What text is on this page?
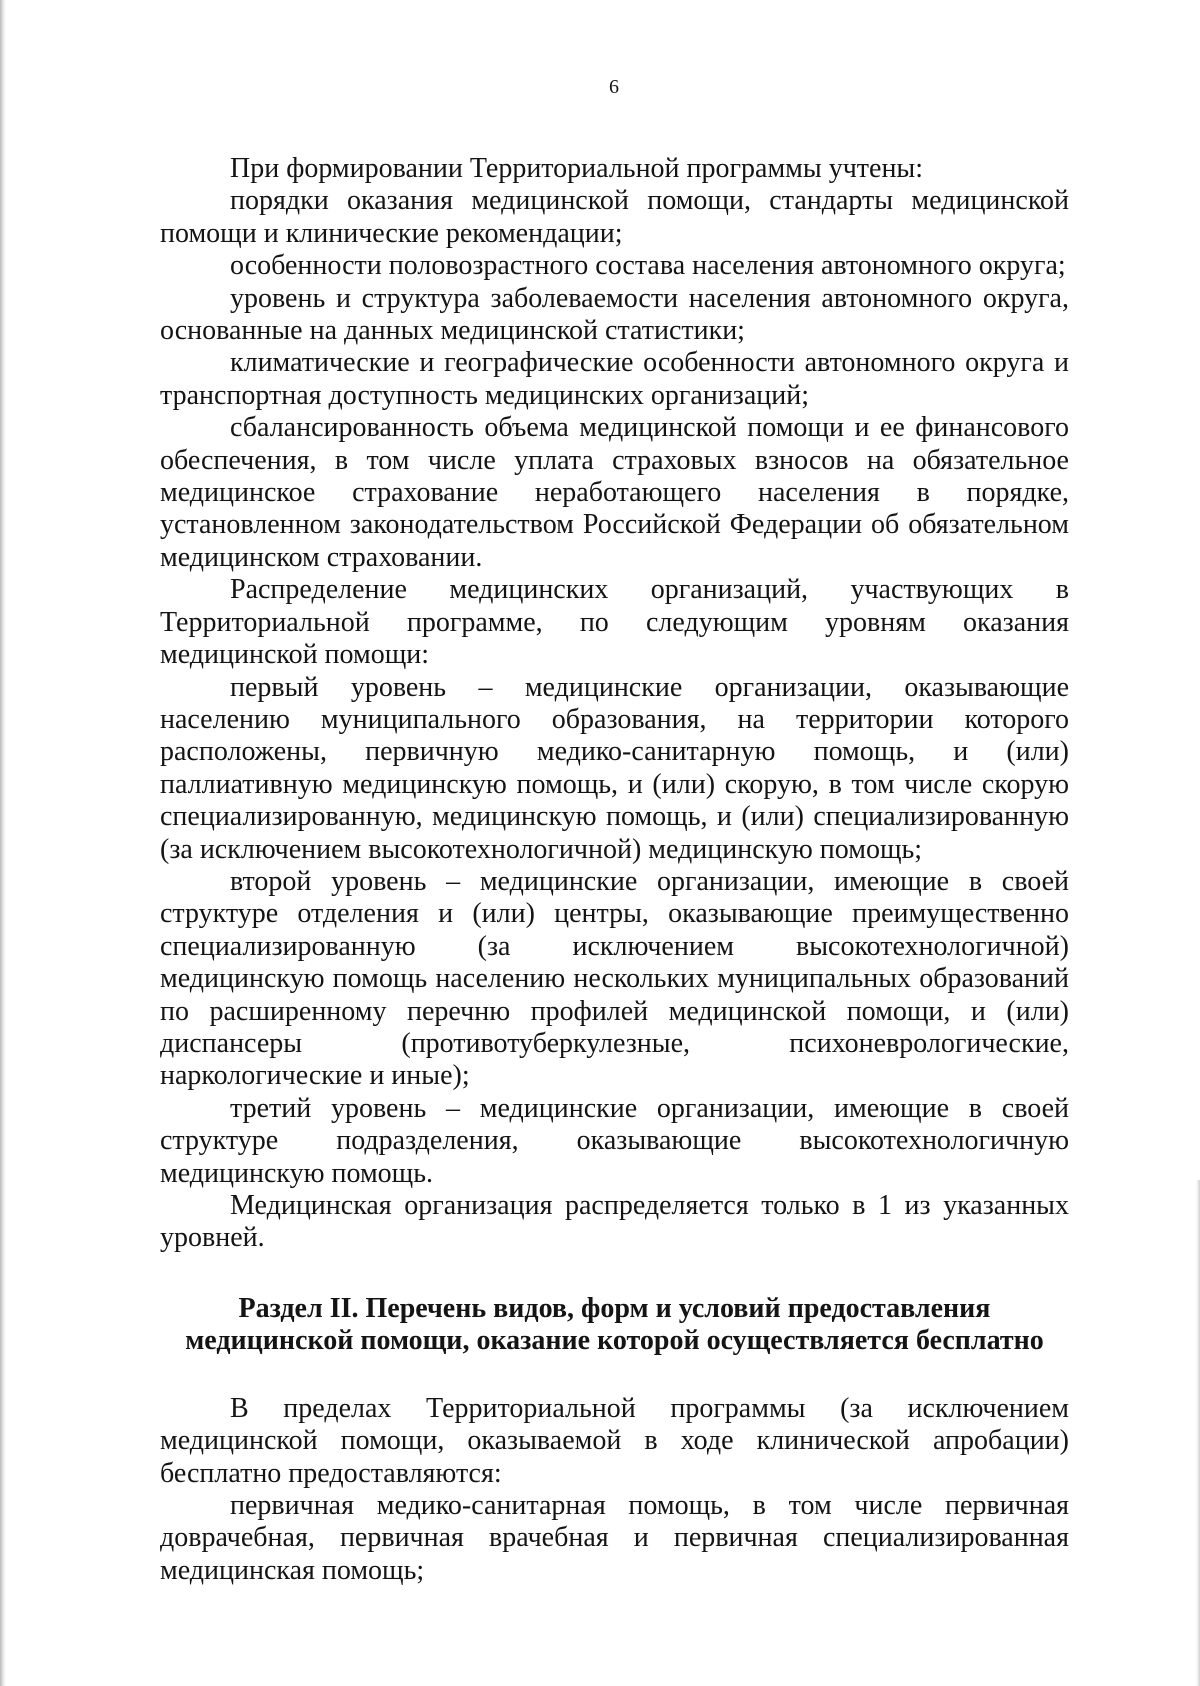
6

При формировании Территориальной программы учтены:

порядки оказания медицинской помощи, стандарты медицинской помощи и клинические рекомендации;

особенности половозрастного состава населения автономного округа;

уровень и структура заболеваемости населения автономного округа, основанные на данных медицинской статистики;

климатические и географические особенности автономного округа и транспортная доступность медицинских организаций;

сбалансированность объема медицинской помощи и ее финансового обеспечения, в том числе уплата страховых взносов на обязательное медицинское страхование неработающего населения в порядке, установленном законодательством Российской Федерации об обязательном медицинском страховании.

Распределение медицинских организаций, участвующих в Территориальной программе, по следующим уровням оказания медицинской помощи:

первый уровень – медицинские организации, оказывающие населению муниципального образования, на территории которого расположены, первичную медико-санитарную помощь, и (или) паллиативную медицинскую помощь, и (или) скорую, в том числе скорую специализированную, медицинскую помощь, и (или) специализированную (за исключением высокотехнологичной) медицинскую помощь;

второй уровень – медицинские организации, имеющие в своей структуре отделения и (или) центры, оказывающие преимущественно специализированную (за исключением высокотехнологичной) медицинскую помощь населению нескольких муниципальных образований по расширенному перечню профилей медицинской помощи, и (или) диспансеры (противотуберкулезные, психоневрологические, наркологические и иные);

третий уровень – медицинские организации, имеющие в своей структуре подразделения, оказывающие высокотехнологичную медицинскую помощь.

Медицинская организация распределяется только в 1 из указанных уровней.

Раздел II. Перечень видов, форм и условий предоставления
медицинской помощи, оказание которой осуществляется бесплатно

В пределах Территориальной программы (за исключением медицинской помощи, оказываемой в ходе клинической апробации) бесплатно предоставляются:

первичная медико-санитарная помощь, в том числе первичная доврачебная, первичная врачебная и первичная специализированная медицинская помощь;
